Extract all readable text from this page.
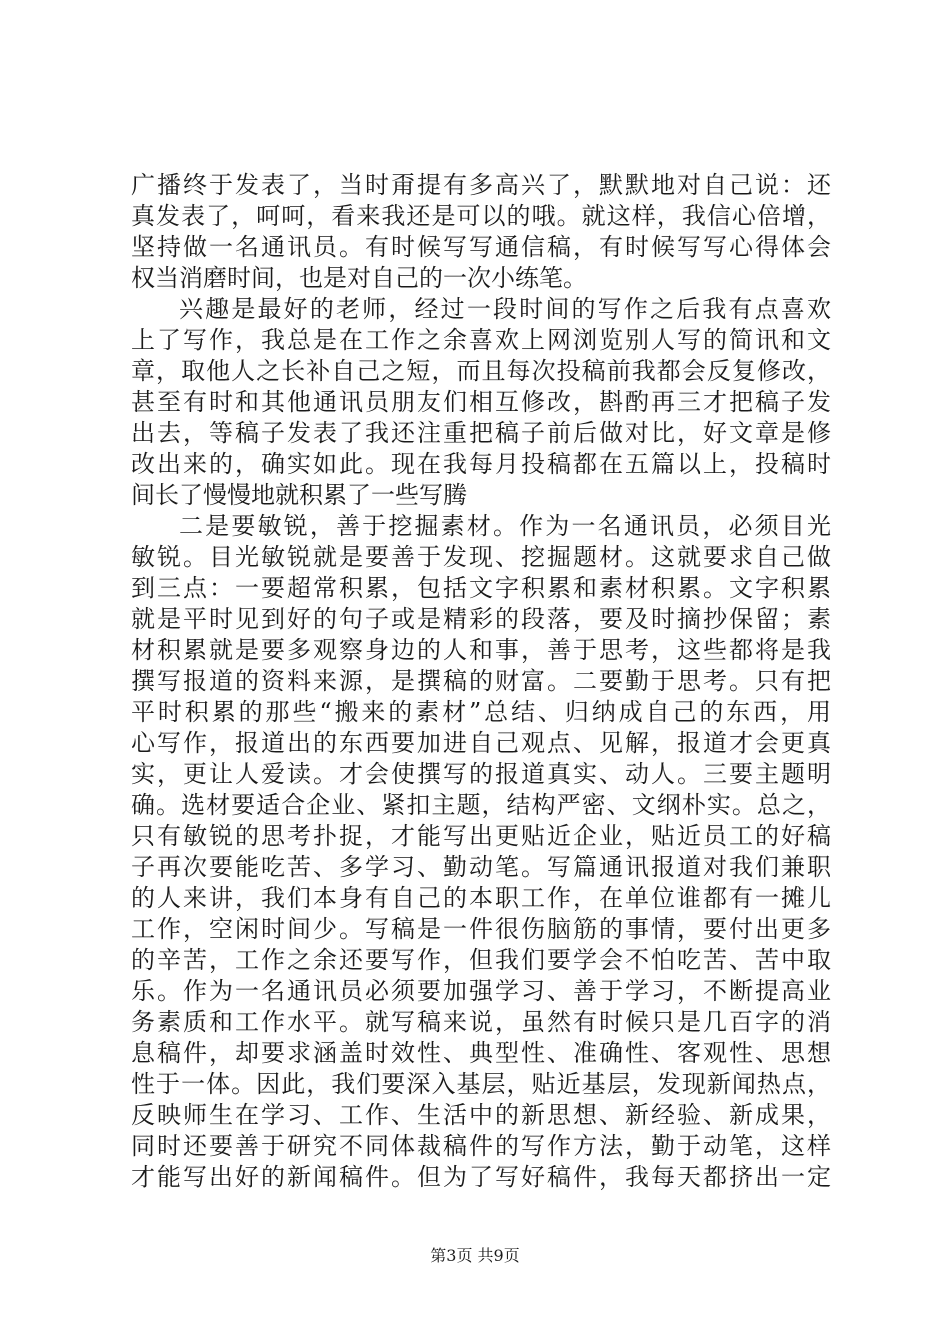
广播终于发表了，当时甭提有多高兴了，默默地对自己说：还
真发表了，呵呵，看来我还是可以的哦。就这样，我信心倍增，
坚持做一名通讯员。有时候写写通信稿，有时候写写心得体会
权当消磨时间，也是对自己的一次小练笔。
兴趣是最好的老师，经过一段时间的写作之后我有点喜欢
上了写作，我总是在工作之余喜欢上网浏览别人写的简讯和文
章，取他人之长补自己之短，而且每次投稿前我都会反复修改，
甚至有时和其他通讯员朋友们相互修改，斟酌再三才把稿子发
出去，等稿子发表了我还注重把稿子前后做对比，好文章是修
改出来的，确实如此。现在我每月投稿都在五篇以上，投稿时
间长了慢慢地就积累了一些写腾
二是要敏锐，善于挖掘素材。作为一名通讯员，必须目光
敏锐。目光敏锐就是要善于发现、挖掘题材。这就要求自己做
到三点：一要超常积累，包括文字积累和素材积累。文字积累
就是平时见到好的句子或是精彩的段落，要及时摘抄保留；素
材积累就是要多观察身边的人和事，善于思考，这些都将是我
撰写报道的资料来源，是撰稿的财富。二要勤于思考。只有把
平时积累的那些“搬来的素材”总结、归纳成自己的东西，用
心写作，报道出的东西要加进自己观点、见解，报道才会更真
实，更让人爱读。才会使撰写的报道真实、动人。三要主题明
确。选材要适合企业、紧扣主题，结构严密、文纲朴实。总之，
只有敏锐的思考扑捉，才能写出更贴近企业，贴近员工的好稿
子再次要能吃苦、多学习、勤动笔。写篇通讯报道对我们兼职
的人来讲，我们本身有自己的本职工作，在单位谁都有一摊儿
工作，空闲时间少。写稿是一件很伤脑筋的事情，要付出更多
的辛苦，工作之余还要写作，但我们要学会不怕吃苦、苦中取
乐。作为一名通讯员必须要加强学习、善于学习，不断提高业
务素质和工作水平。就写稿来说，虽然有时候只是几百字的消
息稿件，却要求涵盖时效性、典型性、准确性、客观性、思想
性于一体。因此，我们要深入基层，贴近基层，发现新闻热点，
反映师生在学习、工作、生活中的新思想、新经验、新成果，
同时还要善于研究不同体裁稿件的写作方法，勤于动笔，这样
才能写出好的新闻稿件。但为了写好稿件，我每天都挤出一定
第3页 共9页
